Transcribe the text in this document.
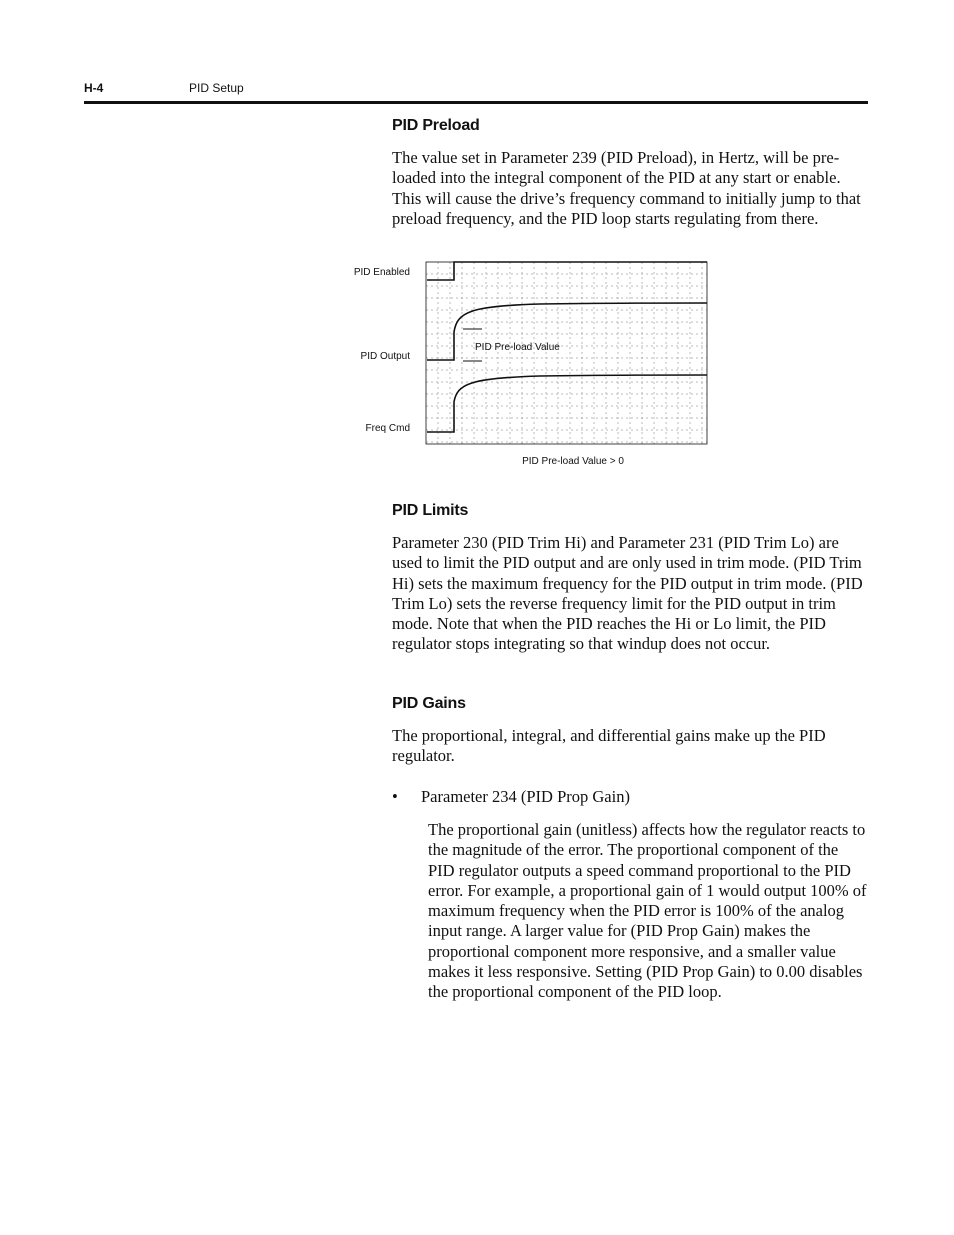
H-4	PID Setup
PID Preload

The value set in Parameter 239 (PID Preload), in Hertz, will be pre-loaded into the integral component of the PID at any start or enable. This will cause the drive’s frequency command to initially jump to that preload frequency, and the PID loop starts regulating from there.

PID Enabled
PID Output
Freq Cmd
PID Pre-load Value
PID Pre-load Value > 0
PID Limits

Parameter 230 (PID Trim Hi) and Parameter 231 (PID Trim Lo) are used to limit the PID output and are only used in trim mode. (PID Trim Hi) sets the maximum frequency for the PID output in trim mode. (PID Trim Lo) sets the reverse frequency limit for the PID output in trim mode. Note that when the PID reaches the Hi or Lo limit, the PID regulator stops integrating so that windup does not occur.

PID Gains

The proportional, integral, and differential gains make up the PID regulator.

• Parameter 234 (PID Prop Gain)

The proportional gain (unitless) affects how the regulator reacts to the magnitude of the error. The proportional component of the PID regulator outputs a speed command proportional to the PID error. For example, a proportional gain of 1 would output 100% of maximum frequency when the PID error is 100% of the analog input range. A larger value for (PID Prop Gain) makes the proportional component more responsive, and a smaller value makes it less responsive. Setting (PID Prop Gain) to 0.00 disables the proportional component of the PID loop.
